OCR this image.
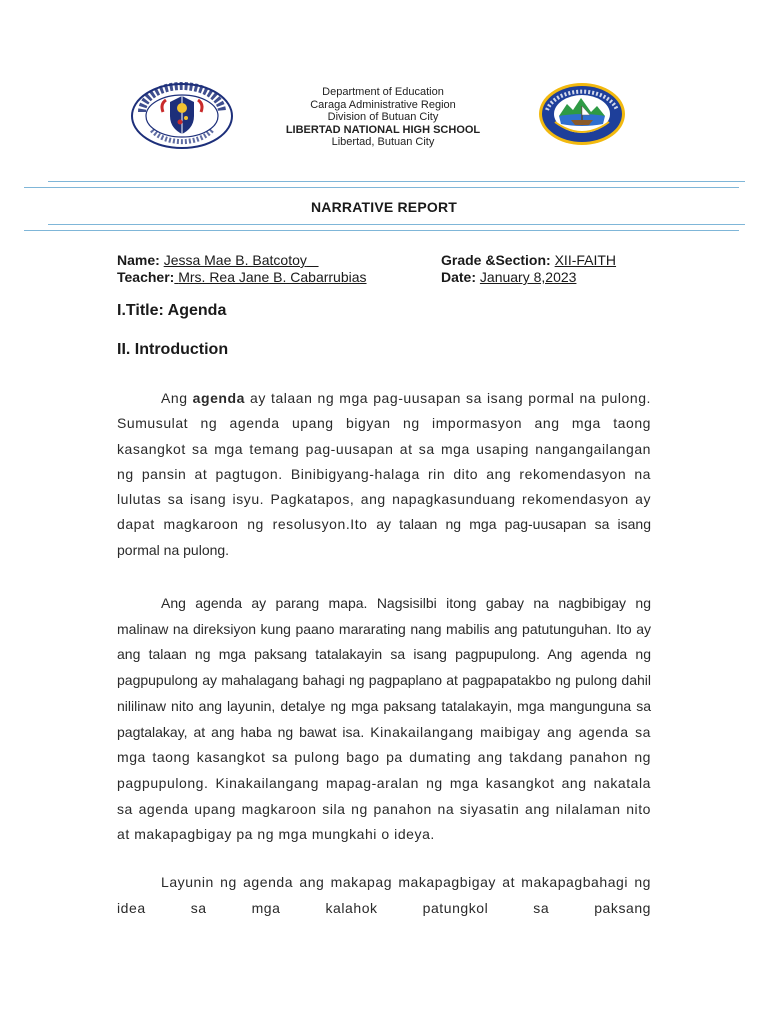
Department of Education
Caraga Administrative Region
Division of Butuan City
LIBERTAD NATIONAL HIGH SCHOOL
Libertad, Butuan City
NARRATIVE REPORT
Name: Jessa Mae B. Batcotoy	Grade &Section: XII-FAITH
Teacher: Mrs. Rea Jane B. Cabarrubias	Date: January 8,2023
I.Title: Agenda
II. Introduction

Ang agenda ay talaan ng mga pag-uusapan sa isang pormal na pulong. Sumusulat ng agenda upang bigyan ng impormasyon ang mga taong kasangkot sa mga temang pag-uusapan at sa mga usaping nangangailangan ng pansin at pagtugon. Binibigyang-halaga rin dito ang rekomendasyon na lulutas sa isang isyu. Pagkatapos, ang napagkasunduang rekomendasyon ay dapat magkaroon ng resolusyon.Ito ay talaan ng mga pag-uusapan sa isang pormal na pulong.

Ang agenda ay parang mapa. Nagsisilbi itong gabay na nagbibigay ng malinaw na direksiyon kung paano mararating nang mabilis ang patutunguhan. Ito ay ang talaan ng mga paksang tatalakayin sa isang pagpupulong. Ang agenda ng pagpupulong ay mahalagang bahagi ng pagpaplano at pagpapatakbo ng pulong dahil nililinaw nito ang layunin, detalye ng mga paksang tatalakayin, mga mangunguna sa pagtalakay, at ang haba ng bawat isa. Kinakailangang maibigay ang agenda sa mga taong kasangkot sa pulong bago pa dumating ang takdang panahon ng pagpupulong. Kinakailangang mapag-aralan ng mga kasangkot ang nakatala sa agenda upang magkaroon sila ng panahon na siyasatin ang nilalaman nito at makapagbigay pa ng mga mungkahi o ideya.

Layunin ng agenda ang makapag makapagbigay at makapagbahagi ng idea sa mga kalahok patungkol sa paksang
